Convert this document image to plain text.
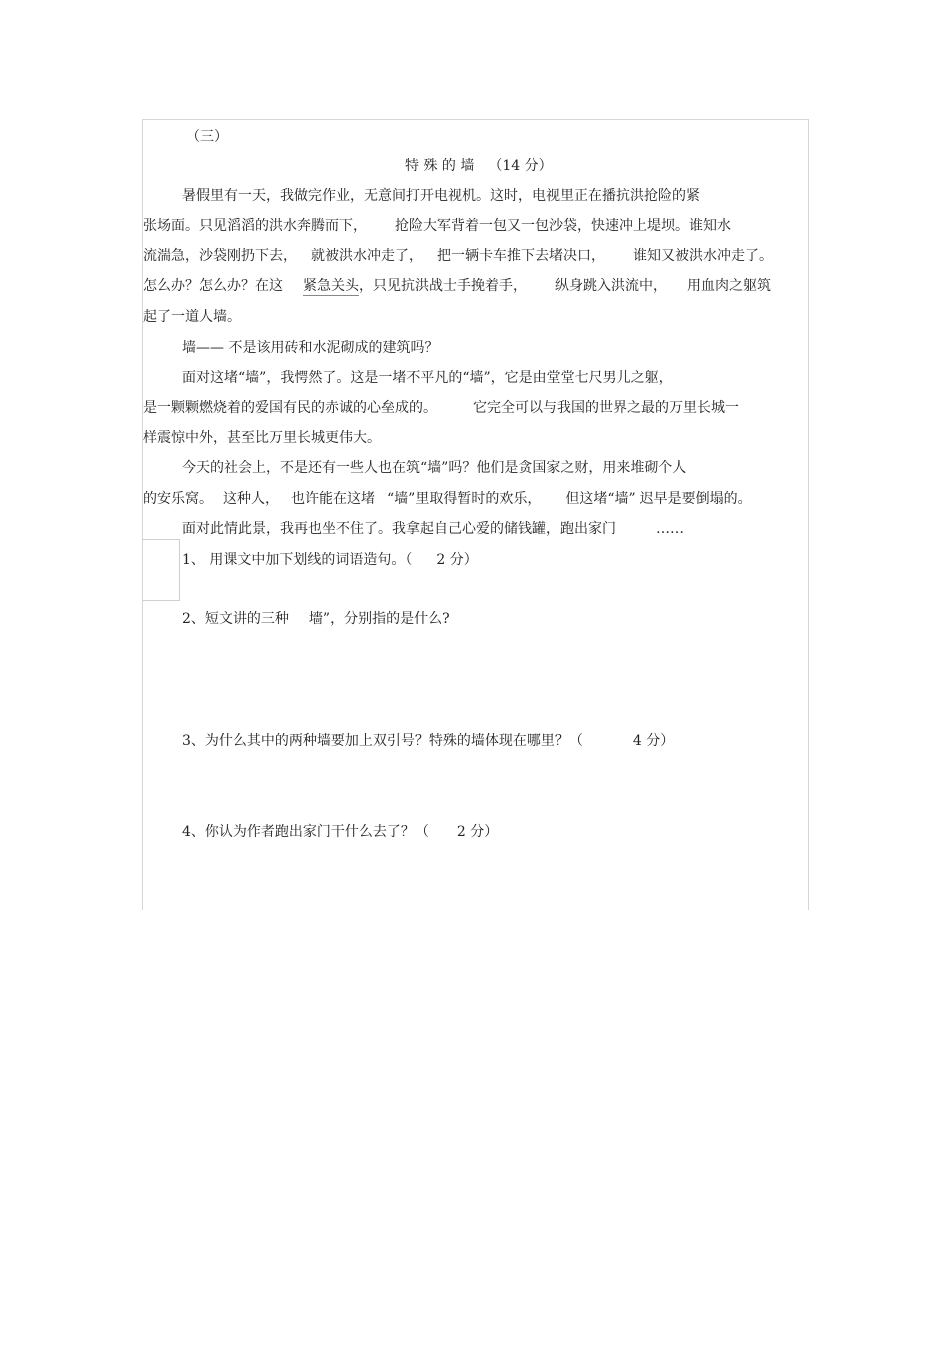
（三）
特 殊 的 墙 （14 分）
暑假里有一天，我做完作业，无意间打开电视机。这时，电视里正在播抗洪抢险的紧
张场面。只见滔滔的洪水奔腾而下， 抢险大军背着一包又一包沙袋，快速冲上堤坝。谁知水
流湍急，沙袋刚扔下去， 就被洪水冲走了， 把一辆卡车推下去堵决口， 谁知又被洪水冲走了。
怎么办？怎么办？在这 紧急关头，只见抗洪战士手挽着手， 纵身跳入洪流中， 用血肉之躯筑
起了一道人墙。
墙—— 不是该用砖和水泥砌成的建筑吗？
面对这堵“墙”，我愕然了。这是一堵不平凡的“墙”，它是由堂堂七尺男儿之躯，
是一颗颗燃烧着的爱国有民的赤诚的心垒成的。	它完全可以与我国的世界之最的万里长城一
样震惊中外，甚至比万里长城更伟大。
今天的社会上，不是还有一些人也在筑“墙”吗？他们是贪国家之财，用来堆砌个人
的安乐窝。 这种人， 也许能在这堵 “墙”里取得暂时的欢乐， 但这堵“墙” 迟早是要倒塌的。
面对此情此景，我再也坐不住了。我拿起自己心爱的储钱罐，跑出家门	……
1、 用课文中加下划线的词语造句。（ 2 分）
2、短文讲的三种 墻”，分别指的是什么?
3、为什么其中的两种墙要加上双引号？特殊的墙体现在哪里？（	4 分）
4、你认为作者跑出家门干什么去了？（ 2 分）
